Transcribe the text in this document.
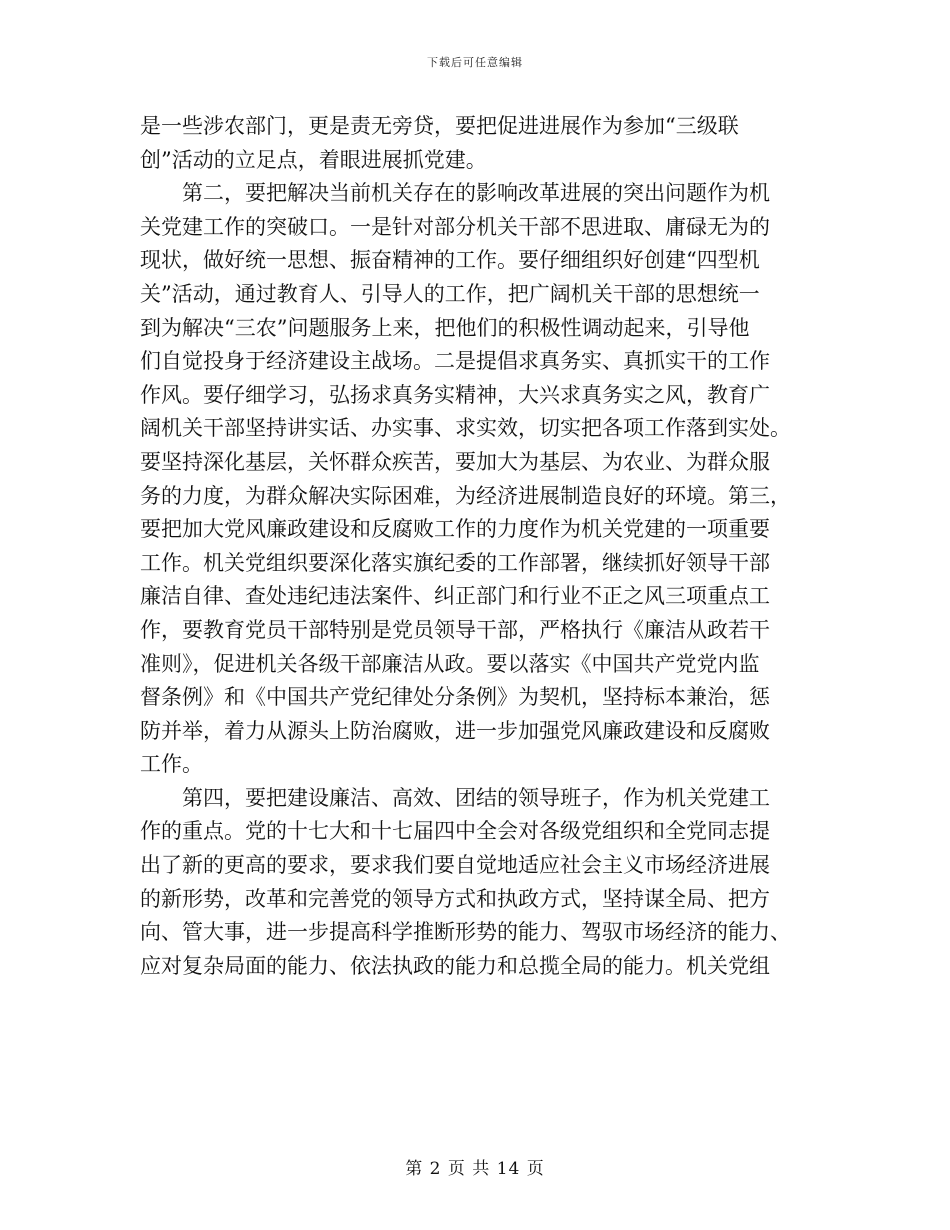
下载后可任意编辑
是一些涉农部门，更是责无旁贷，要把促进进展作为参加“三级联
创”活动的立足点，着眼进展抓党建。
　　第二，要把解决当前机关存在的影响改革进展的突出问题作为机
关党建工作的突破口。一是针对部分机关干部不思进取、庸碌无为的
现状，做好统一思想、振奋精神的工作。要仔细组织好创建“四型机
关”活动，通过教育人、引导人的工作，把广阔机关干部的思想统一
到为解决“三农”问题服务上来，把他们的积极性调动起来，引导他
们自觉投身于经济建设主战场。二是提倡求真务实、真抓实干的工作
作风。要仔细学习，弘扬求真务实精神，大兴求真务实之风，教育广
阔机关干部坚持讲实话、办实事、求实效，切实把各项工作落到实处。
要坚持深化基层，关怀群众疾苦，要加大为基层、为农业、为群众服
务的力度，为群众解决实际困难，为经济进展制造良好的环境。第三，
要把加大党风廉政建设和反腐败工作的力度作为机关党建的一项重要
工作。机关党组织要深化落实旗纪委的工作部署，继续抓好领导干部
廉洁自律、查处违纪违法案件、纠正部门和行业不正之风三项重点工
作，要教育党员干部特别是党员领导干部，严格执行《廉洁从政若干
准则》，促进机关各级干部廉洁从政。要以落实《中国共产党党内监
督条例》和《中国共产党纪律处分条例》为契机，坚持标本兼治，惩
防并举，着力从源头上防治腐败，进一步加强党风廉政建设和反腐败
工作。
　　第四，要把建设廉洁、高效、团结的领导班子，作为机关党建工
作的重点。党的十七大和十七届四中全会对各级党组织和全党同志提
出了新的更高的要求，要求我们要自觉地适应社会主义市场经济进展
的新形势，改革和完善党的领导方式和执政方式，坚持谋全局、把方
向、管大事，进一步提高科学推断形势的能力、驾驭市场经济的能力、
应对复杂局面的能力、依法执政的能力和总揽全局的能力。机关党组
第 2 页 共 14 页
